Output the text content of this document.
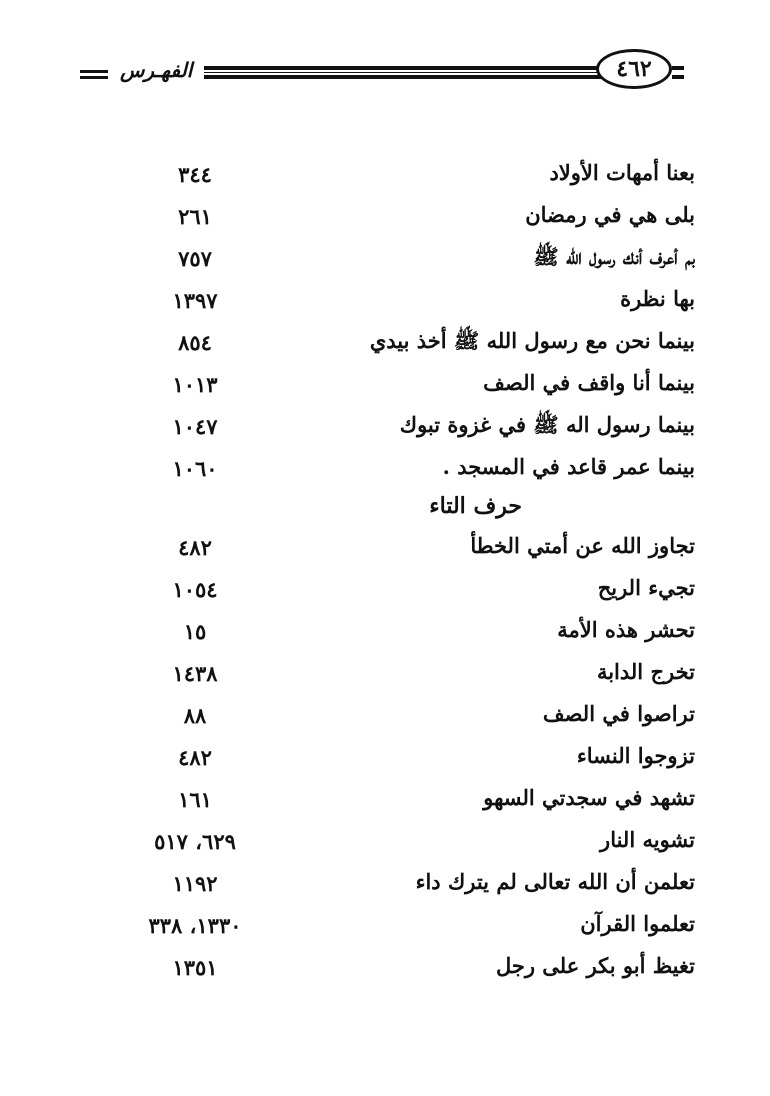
الفهـرس	٤٦٢
بعنا أمهات الأولاد
٣٤٤
بلى هي في رمضان
٢٦١
بم أعرف أنك رسول الله ﷺ
٧٥٧
بها نظرة
١٣٩٧
بينما نحن مع رسول الله ﷺ أخذ بيدي
٨٥٤
بينما أنا واقف في الصف
١٠١٣
بينما رسول اله ﷺ في غزوة تبوك
١٠٤٧
بينما عمر قاعد في المسجد .
١٠٦٠
حرف التاء
تجاوز الله عن أمتي الخطأ
٤٨٢
تجيء الريح
١٠٥٤
تحشر هذه الأمة
١٥
تخرج الدابة
١٤٣٨
تراصوا في الصف
٨٨
تزوجوا النساء
٤٨٢
تشهد في سجدتي السهو
١٦١
تشويه النار
٦٢٩، ٥١٧
تعلمن أن الله تعالى لم يترك داء
١١٩٢
تعلموا القرآن
١٣٣٠، ٣٣٨
تغيظ أبو بكر على رجل
١٣٥١
